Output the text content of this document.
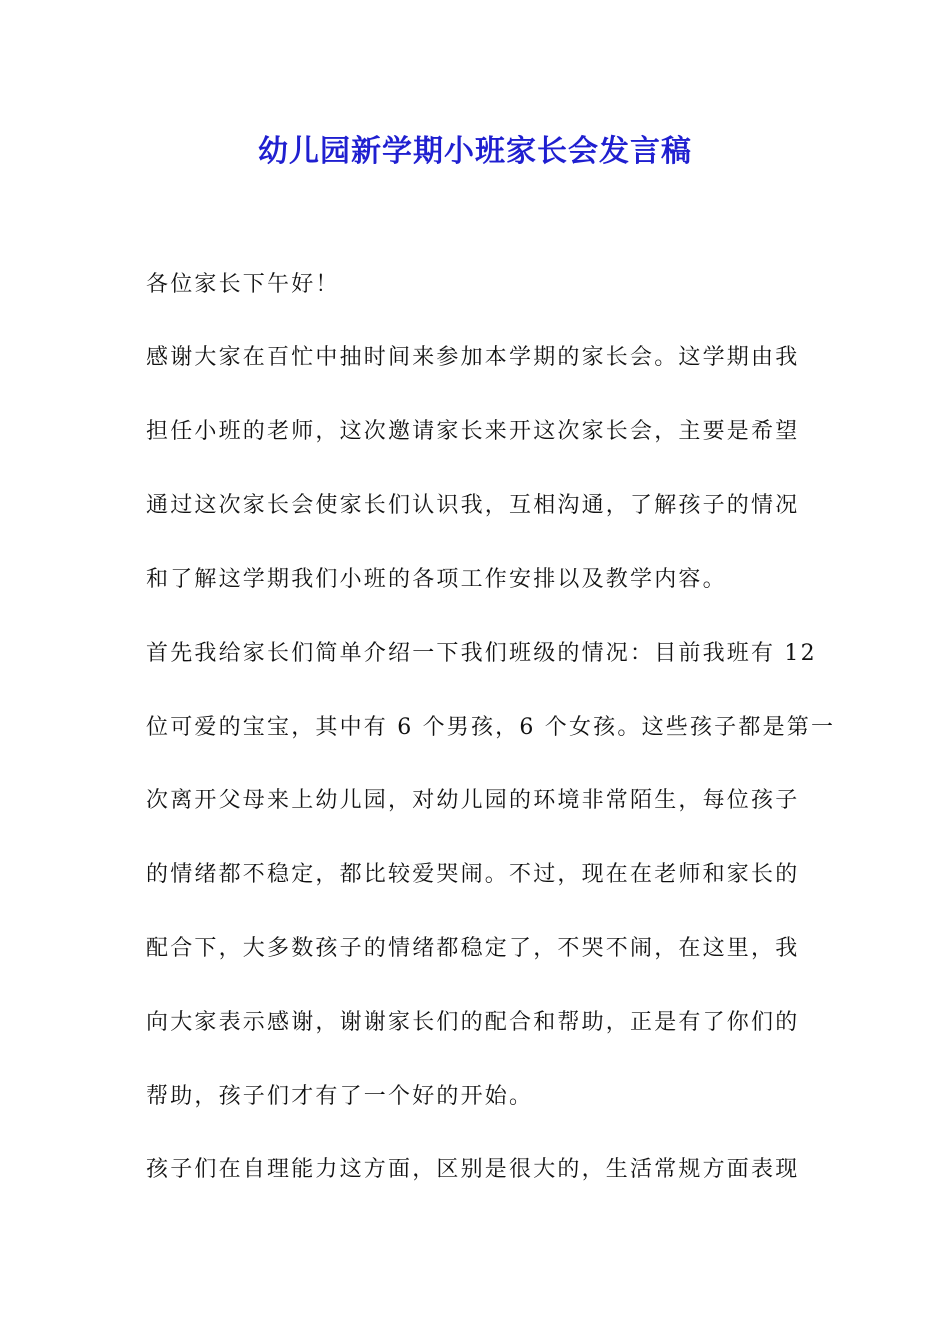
幼儿园新学期小班家长会发言稿
各位家长下午好！
感谢大家在百忙中抽时间来参加本学期的家长会。这学期由我
担任小班的老师，这次邀请家长来开这次家长会，主要是希望
通过这次家长会使家长们认识我，互相沟通，了解孩子的情况
和了解这学期我们小班的各项工作安排以及教学内容。
首先我给家长们简单介绍一下我们班级的情况：目前我班有 12
位可爱的宝宝，其中有 6 个男孩，6 个女孩。这些孩子都是第一
次离开父母来上幼儿园，对幼儿园的环境非常陌生，每位孩子
的情绪都不稳定，都比较爱哭闹。不过，现在在老师和家长的
配合下，大多数孩子的情绪都稳定了，不哭不闹，在这里，我
向大家表示感谢，谢谢家长们的配合和帮助，正是有了你们的
帮助，孩子们才有了一个好的开始。
孩子们在自理能力这方面，区别是很大的，生活常规方面表现
